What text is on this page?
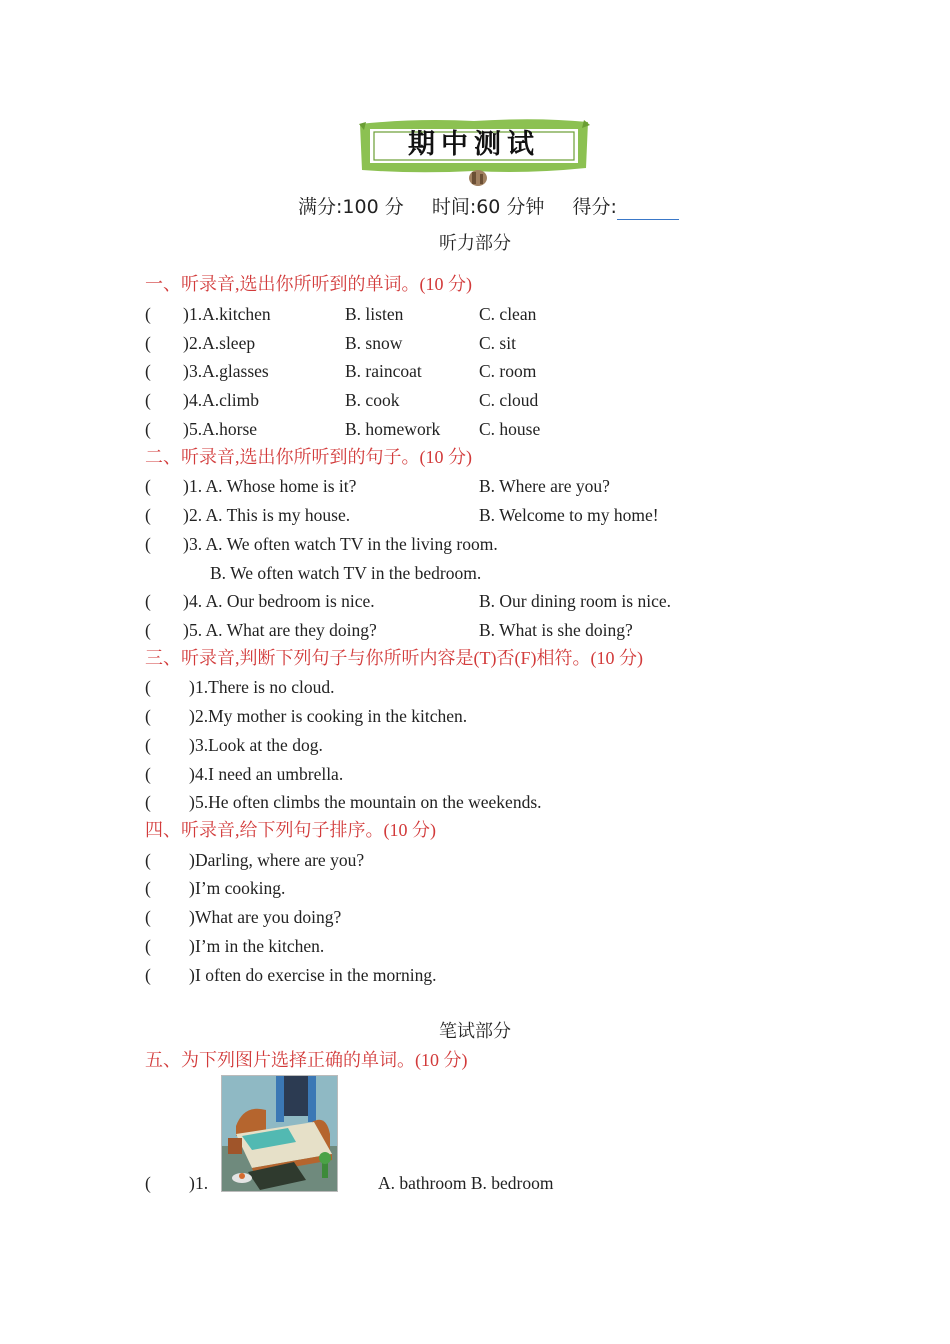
期中测试
满分:100 分 时间:60 分钟 得分:
听力部分
一、听录音,选出你所听到的单词。(10 分)
( 1.A.kitchen	B. listen	C. clean
( 2.A.sleep	B. snow	C. sit
( 3.A.glasses	B. raincoat	C. room
( 4.A.climb	B. cook	C. cloud
( 5.A.horse	B. homework C. house
二、听录音,选出你所听到的句子。(10 分)
( 1. A. Whose home is it?	B. Where are you?
( 2. A. This is my house.	B. Welcome to my home!
( 3. A. We often watch TV in the living room.
B. We often watch TV in the bedroom.
( 4. A. Our bedroom is nice.	B. Our dining room is nice.
( 5. A. What are they doing?	B. What is she doing?
三、听录音,判断下列句子与你所听内容是(T)否(F)相符。(10 分)
( ) 1.There is no cloud.
( ) 2.My mother is cooking in the kitchen.
( ) 3.Look at the dog.
( ) 4.I need an umbrella.
( ) 5.He often climbs the mountain on the weekends.
四、听录音,给下列句子排序。(10 分)
( ) Darling, where are you?
( ) I’m cooking.
( ) What are you doing?
( ) I’m in the kitchen.
( ) I often do exercise in the morning.
笔试部分
五、为下列图片选择正确的单词。(10 分)
( ) 1.	A. bathroom B. bedroom
)
)
)
)
)
)
)
)
)
)
